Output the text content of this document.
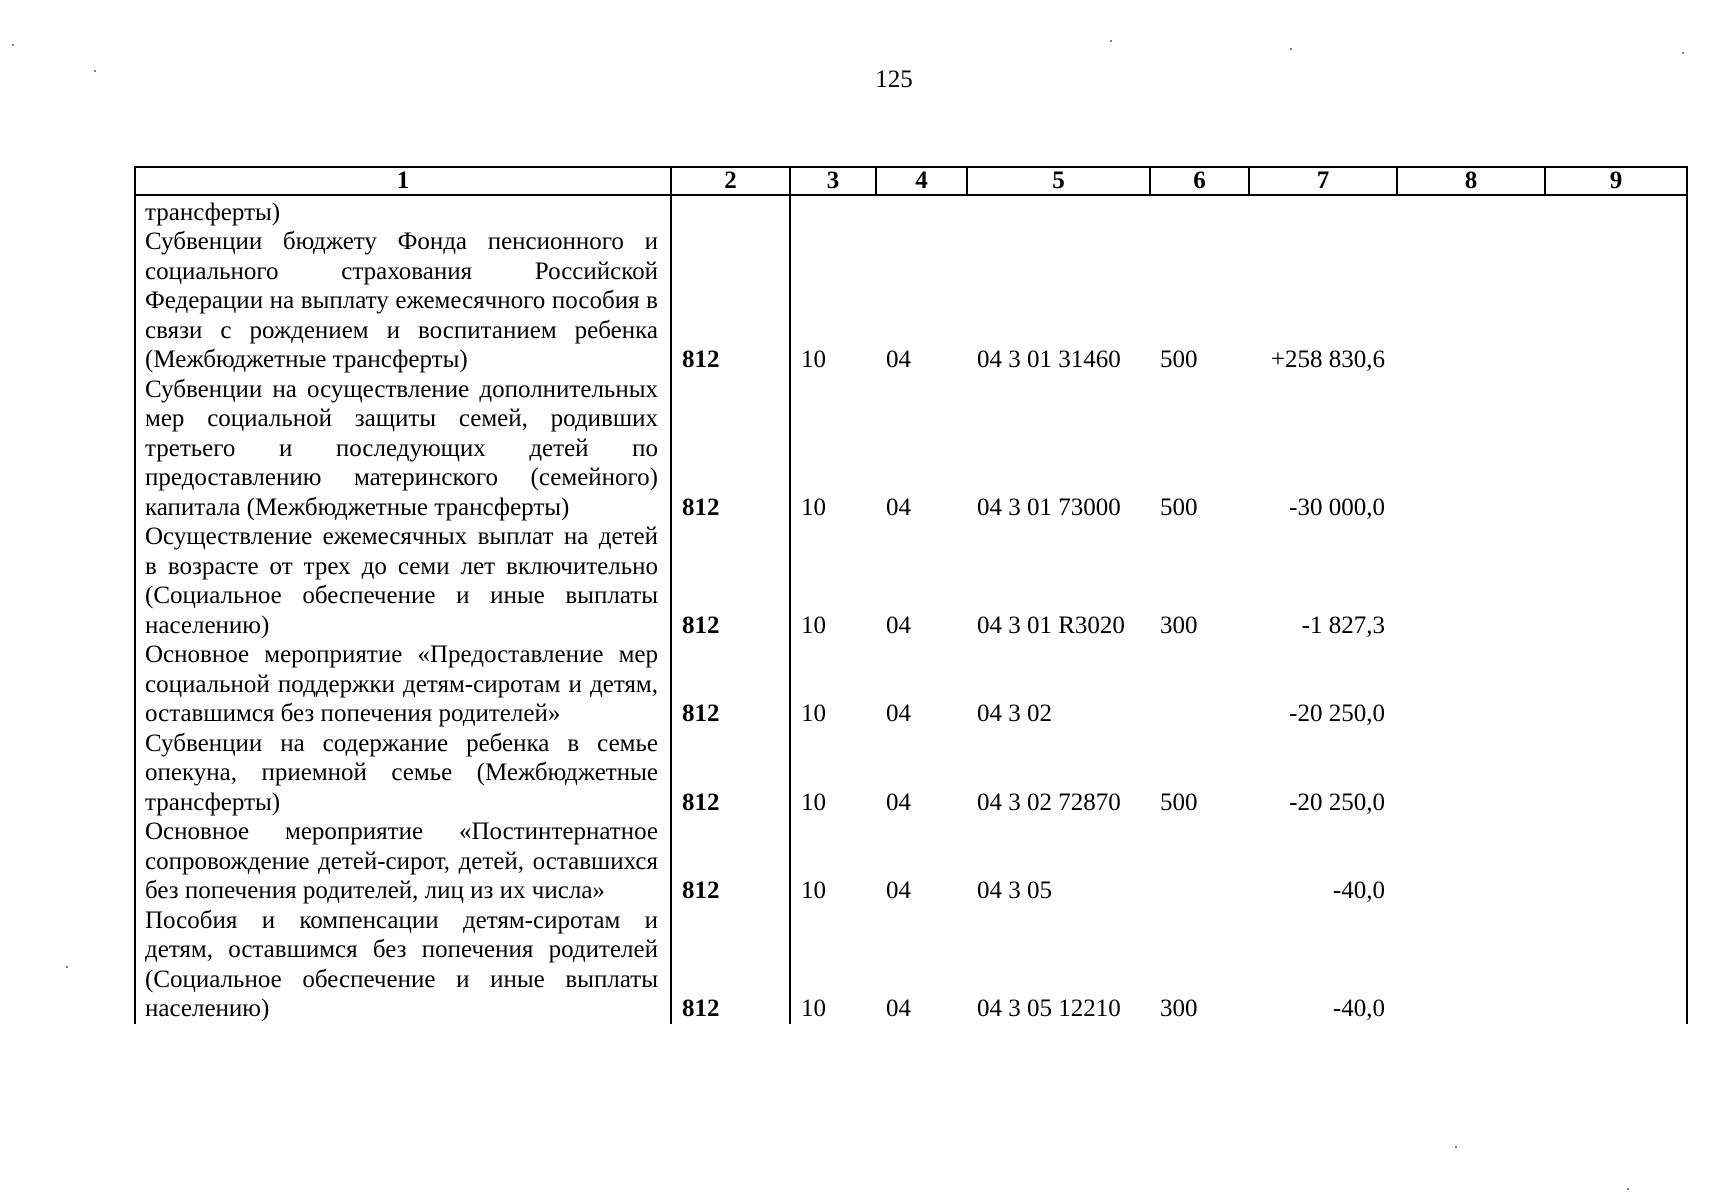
125
1	2	3	4	5	6	7	8	9
трансферты)								
Субвенции бюджету Фонда пенсионного и социального страхования Российской Федерации на выплату ежемесячного пособия в связи с рождением и воспитанием ребенка (Межбюджетные трансферты)	812	10	04	04 3 01 31460	500	+258 830,6		
Субвенции на осуществление дополнительных мер социальной защиты семей, родивших третьего и последующих детей по предоставлению материнского (семейного) капитала (Межбюджетные трансферты)	812	10	04	04 3 01 73000	500	-30 000,0		
Осуществление ежемесячных выплат на детей в возрасте от трех до семи лет включительно (Социальное обеспечение и иные выплаты населению)	812	10	04	04 3 01 R3020	300	-1 827,3		
Основное мероприятие «Предоставление мер социальной поддержки детям-сиротам и детям, оставшимся без попечения родителей»	812	10	04	04 3 02		-20 250,0		
Субвенции на содержание ребенка в семье опекуна, приемной семье (Межбюджетные трансферты)	812	10	04	04 3 02 72870	500	-20 250,0		
Основное мероприятие «Постинтернатное сопровождение детей-сирот, детей, оставшихся без попечения родителей, лиц из их числа»	812	10	04	04 3 05		-40,0		
Пособия и компенсации детям-сиротам и детям, оставшимся без попечения родителей (Социальное обеспечение и иные выплаты населению)	812	10	04	04 3 05 12210	300	-40,0		
